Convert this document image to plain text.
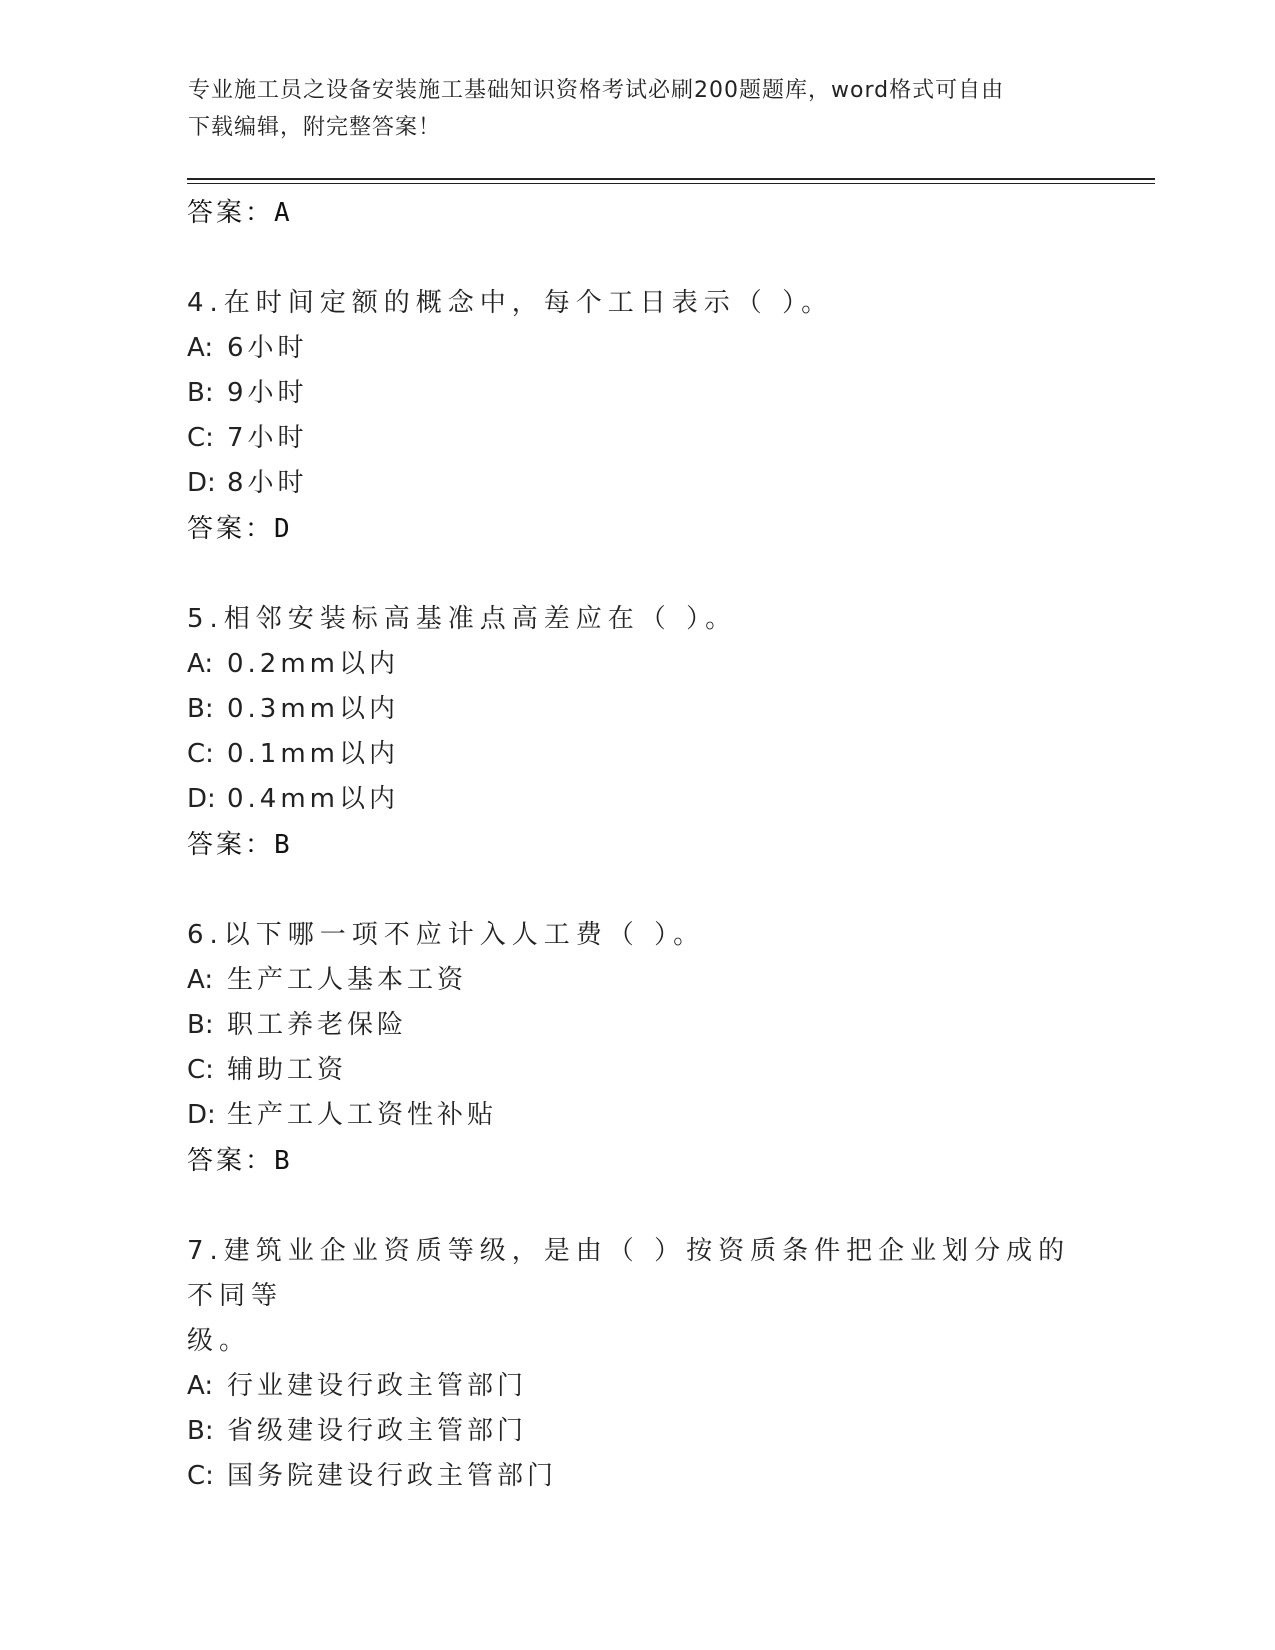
专业施工员之设备安装施工基础知识资格考试必刷200题题库，word格式可自由
下载编辑，附完整答案！
答案：A
4.在时间定额的概念中，每个工日表示（ ）。
A: 6小时
B: 9小时
C: 7小时
D: 8小时
答案：D
5.相邻安装标高基准点高差应在（ ）。
A: 0.2mm以内
B: 0.3mm以内
C: 0.1mm以内
D: 0.4mm以内
答案：B
6.以下哪一项不应计入人工费（ ）。
A: 生产工人基本工资
B: 职工养老保险
C: 辅助工资
D: 生产工人工资性补贴
答案：B
7.建筑业企业资质等级，是由（ ）按资质条件把企业划分成的不同等
级。
A: 行业建设行政主管部门
B: 省级建设行政主管部门
C: 国务院建设行政主管部门
